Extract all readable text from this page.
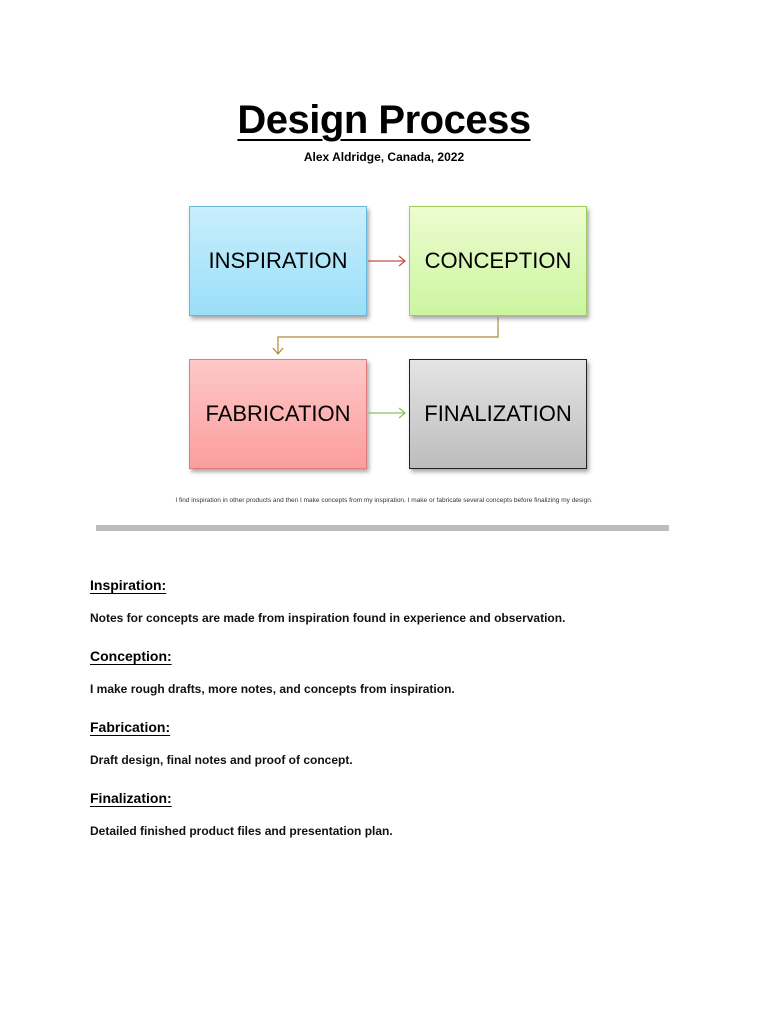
Design Process
Alex Aldridge, Canada, 2022
INSPIRATION	CONCEPTION
FABRICATION	FINALIZATION
I find inspiration in other products and then I make concepts from my inspiration. I make or fabricate several concepts before finalizing my design.
Inspiration:
Notes for concepts are made from inspiration found in experience and observation.
Conception:
I make rough drafts, more notes, and concepts from inspiration.
Fabrication:
Draft design, final notes and proof of concept.
Finalization:
Detailed finished product files and presentation plan.
